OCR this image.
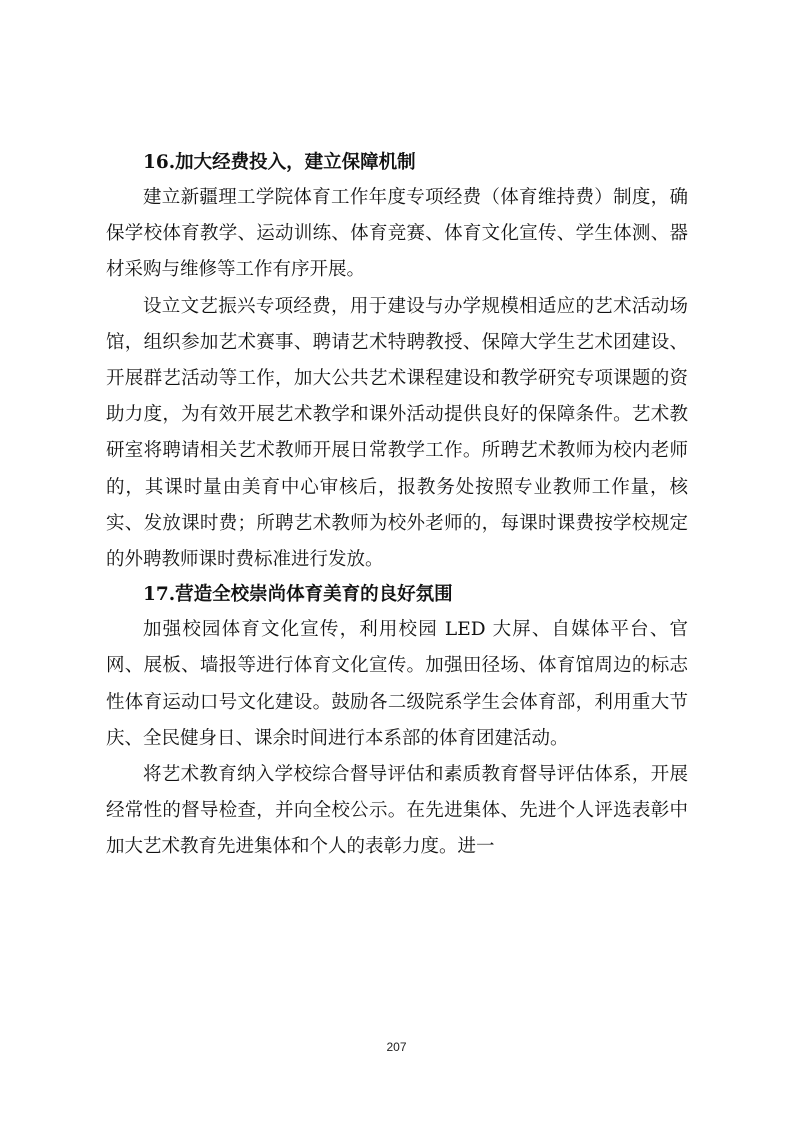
16.加大经费投入，建立保障机制

建立新疆理工学院体育工作年度专项经费（体育维持费）制度，确保学校体育教学、运动训练、体育竞赛、体育文化宣传、学生体测、器材采购与维修等工作有序开展。

设立文艺振兴专项经费，用于建设与办学规模相适应的艺术活动场馆，组织参加艺术赛事、聘请艺术特聘教授、保障大学生艺术团建设、开展群艺活动等工作，加大公共艺术课程建设和教学研究专项课题的资助力度，为有效开展艺术教学和课外活动提供良好的保障条件。艺术教研室将聘请相关艺术教师开展日常教学工作。所聘艺术教师为校内老师的，其课时量由美育中心审核后，报教务处按照专业教师工作量，核实、发放课时费；所聘艺术教师为校外老师的，每课时课费按学校规定的外聘教师课时费标准进行发放。

17.营造全校崇尚体育美育的良好氛围

加强校园体育文化宣传，利用校园 LED 大屏、自媒体平台、官网、展板、墙报等进行体育文化宣传。加强田径场、体育馆周边的标志性体育运动口号文化建设。鼓励各二级院系学生会体育部，利用重大节庆、全民健身日、课余时间进行本系部的体育团建活动。

将艺术教育纳入学校综合督导评估和素质教育督导评估体系，开展经常性的督导检查，并向全校公示。在先进集体、先进个人评选表彰中加大艺术教育先进集体和个人的表彰力度。进一

207
